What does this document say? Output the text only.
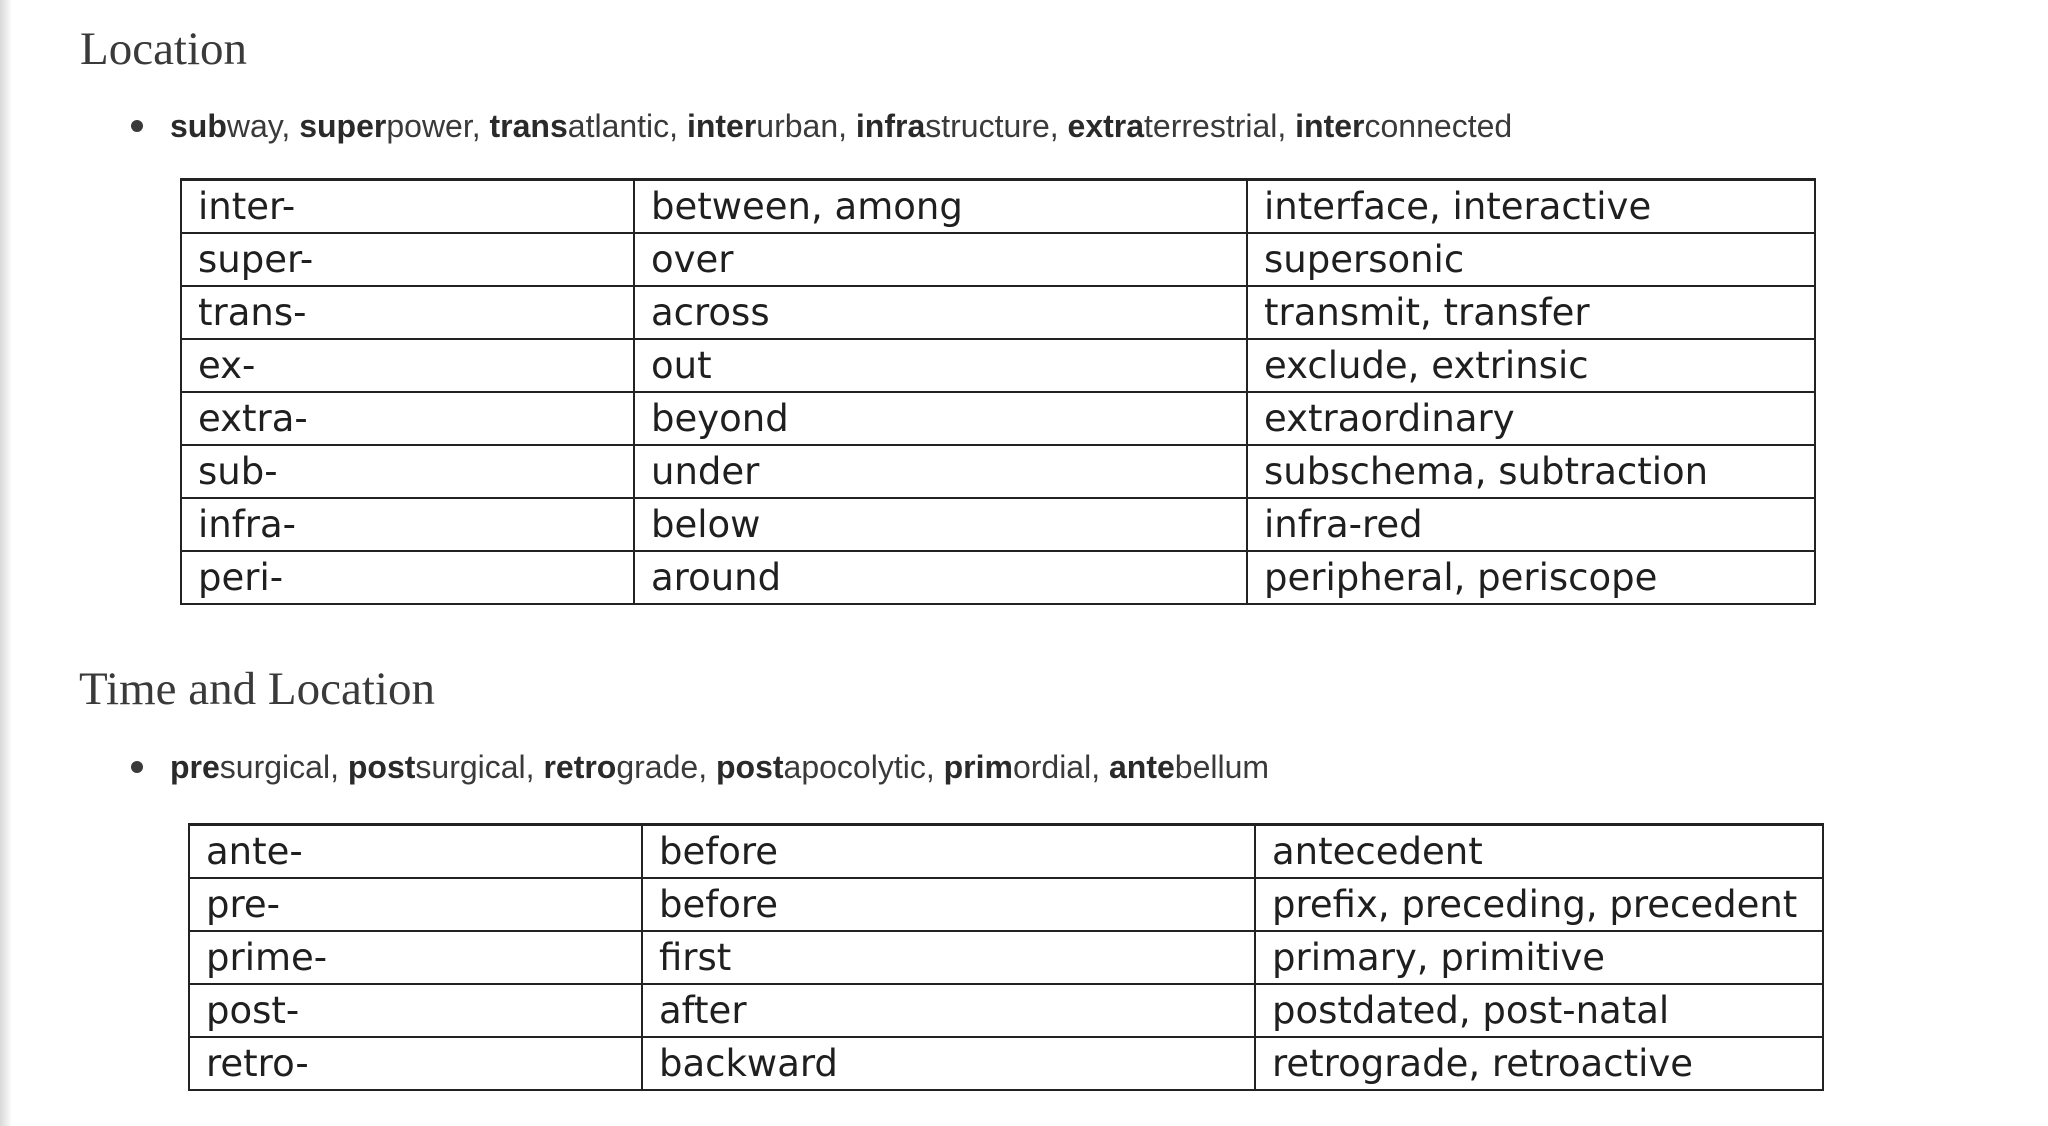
Location
subway, superpower, transatlantic, interurban, infrastructure, extraterrestrial, interconnected
inter-	between, among	interface, interactive
super-	over	supersonic
trans-	across	transmit, transfer
ex-	out	exclude, extrinsic
extra-	beyond	extraordinary
sub-	under	subschema, subtraction
infra-	below	infra-red
peri-	around	peripheral, periscope
Time and Location
presurgical, postsurgical, retrograde, postapocolytic, primordial, antebellum
ante-	before	antecedent
pre-	before	prefix, preceding, precedent
prime-	first	primary, primitive
post-	after	postdated, post-natal
retro-	backward	retrograde, retroactive
